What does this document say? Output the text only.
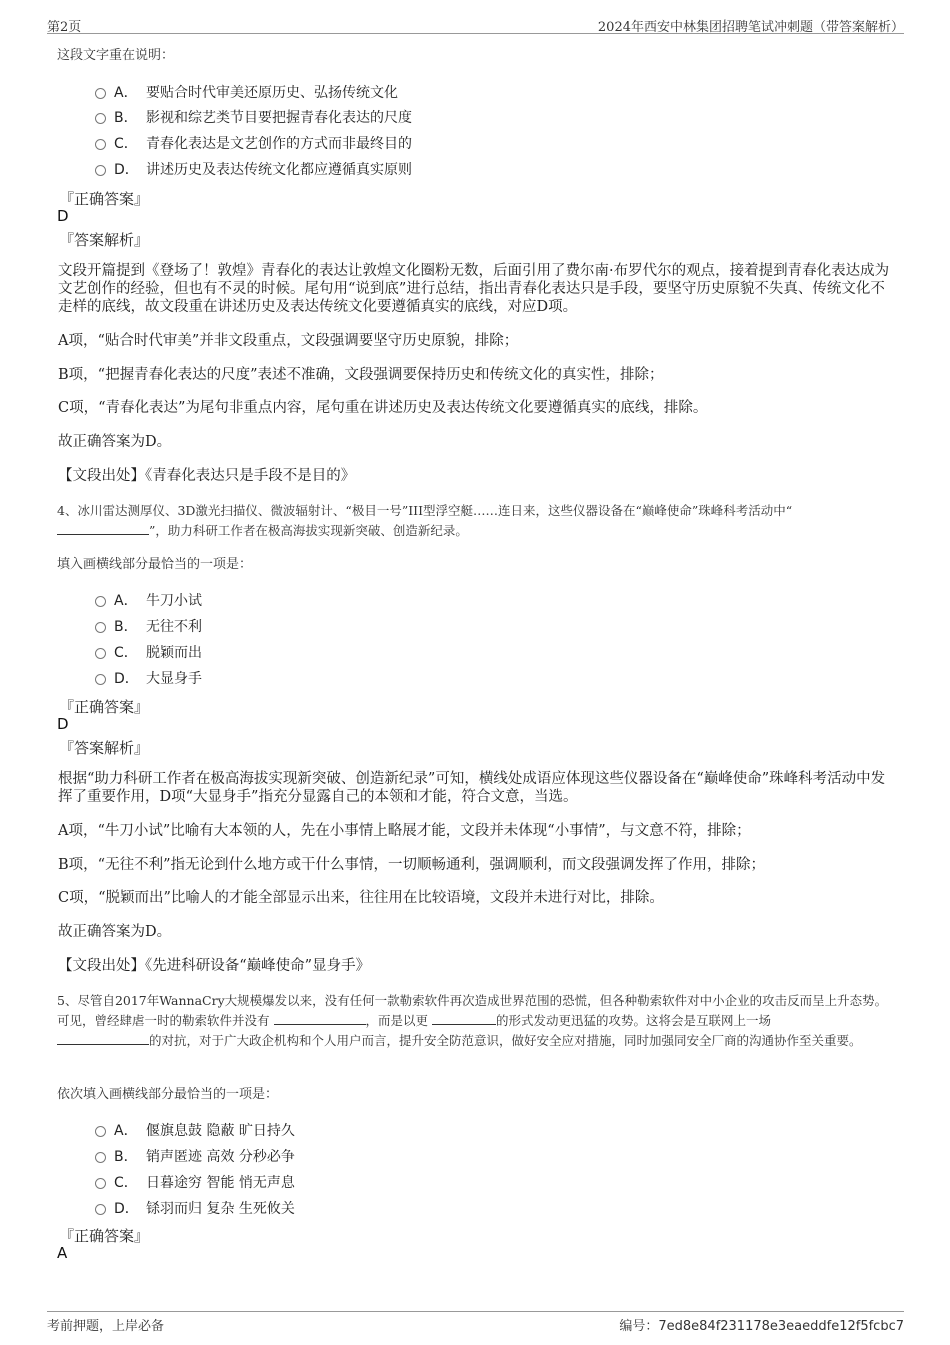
第2页	2024年西安中林集团招聘笔试冲刺题（带答案解析）
这段文字重在说明：
A． 要贴合时代审美还原历史、弘扬传统文化
B． 影视和综艺类节目要把握青春化表达的尺度
C． 青春化表达是文艺创作的方式而非最终目的
D． 讲述历史及表达传统文化都应遵循真实原则
『正确答案』
D
『答案解析』
文段开篇提到《登场了！敦煌》青春化的表达让敦煌文化圈粉无数，后面引用了费尔南·布罗代尔的观点，接着提到青春化表达成为文艺创作的经验，但也有不灵的时候。尾句用“说到底”进行总结，指出青春化表达只是手段，要坚守历史原貌不失真、传统文化不走样的底线，故文段重在讲述历史及表达传统文化要遵循真实的底线，对应D项。
A项，“贴合时代审美”并非文段重点，文段强调要坚守历史原貌，排除；
B项，“把握青春化表达的尺度”表述不准确，文段强调要保持历史和传统文化的真实性，排除；
C项，“青春化表达”为尾句非重点内容，尾句重在讲述历史及表达传统文化要遵循真实的底线，排除。
故正确答案为D。
【文段出处】《青春化表达只是手段不是目的》
4、冰川雷达测厚仪、3D激光扫描仪、微波辐射计、“极目一号”III型浮空艇……连日来，这些仪器设备在“巅峰使命”珠峰科考活动中“
”，助力科研工作者在极高海拔实现新突破、创造新纪录。
填入画横线部分最恰当的一项是：
A． 牛刀小试
B． 无往不利
C． 脱颖而出
D． 大显身手
『正确答案』
D
『答案解析』
根据“助力科研工作者在极高海拔实现新突破、创造新纪录”可知，横线处成语应体现这些仪器设备在“巅峰使命”珠峰科考活动中发挥了重要作用，D项“大显身手”指充分显露自己的本领和才能，符合文意，当选。
A项，“牛刀小试”比喻有大本领的人，先在小事情上略展才能，文段并未体现“小事情”，与文意不符，排除；
B项，“无往不利”指无论到什么地方或干什么事情，一切顺畅通利，强调顺利，而文段强调发挥了作用，排除；
C项，“脱颖而出”比喻人的才能全部显示出来，往往用在比较语境，文段并未进行对比，排除。
故正确答案为D。
【文段出处】《先进科研设备“巅峰使命”显身手》
5、尽管自2017年WannaCry大规模爆发以来，没有任何一款勒索软件再次造成世界范围的恐慌，但各种勒索软件对中小企业的攻击反而呈上升态势。可见，曾经肆虐一时的勒索软件并没有	，而是以更	的形式发动更迅猛的攻势。这将会是互联网上一场
的对抗，对于广大政企机构和个人用户而言，提升安全防范意识，做好安全应对措施，同时加强同安全厂商的沟通协作至关重要。
依次填入画横线部分最恰当的一项是：
A． 偃旗息鼓 隐蔽 旷日持久
B． 销声匿迹 高效 分秒必争
C． 日暮途穷 智能 悄无声息
D． 铩羽而归 复杂 生死攸关
『正确答案』
A
考前押题，上岸必备	编号：7ed8e84f231178e3eaeddfe12f5fcbc7
